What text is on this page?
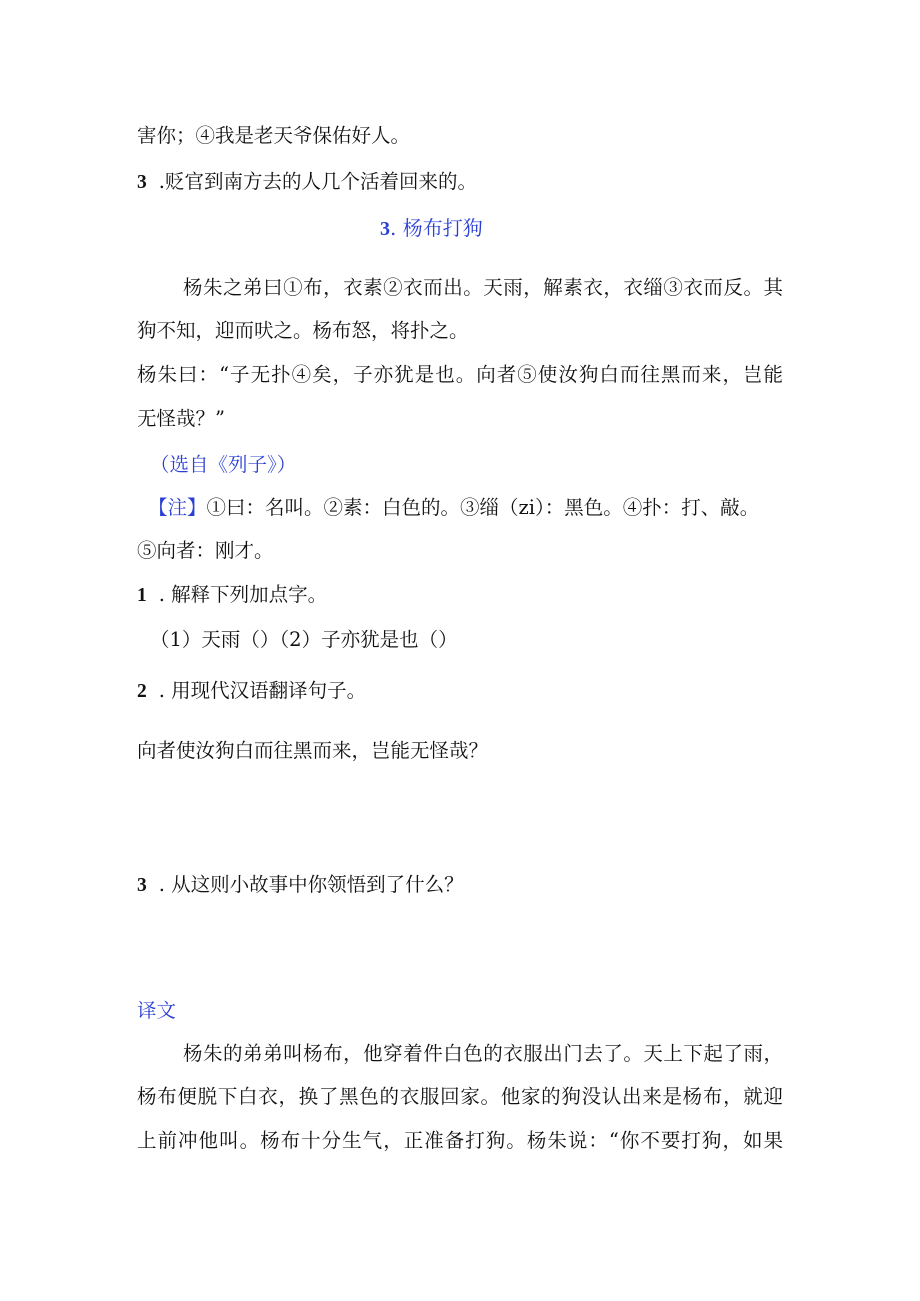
害你；④我是老天爷保佑好人。
3 .贬官到南方去的人几个活着回来的。
3. 杨布打狗
杨朱之弟曰①布，衣素②衣而出。天雨，解素衣，衣缁③衣而反。其
狗不知，迎而吠之。杨布怒，将扑之。
杨朱曰：“子无扑④矣，子亦犹是也。向者⑤使汝狗白而往黑而来，岂能
无怪哉？”
（选自《列子》）
【注】①曰：名叫。②素：白色的。③缁（zi）：黑色。④扑：打、敲。
⑤向者：刚才。
1 . 解释下列加点字。
（1）天雨（）（2）子亦犹是也（）
2 . 用现代汉语翻译句子。
向者使汝狗白而往黑而来，岂能无怪哉？
3 . 从这则小故事中你领悟到了什么？
译文
杨朱的弟弟叫杨布，他穿着件白色的衣服出门去了。天上下起了雨，
杨布便脱下白衣，换了黑色的衣服回家。他家的狗没认出来是杨布，就迎
上前冲他叫。杨布十分生气，正准备打狗。杨朱说：“你不要打狗，如果
